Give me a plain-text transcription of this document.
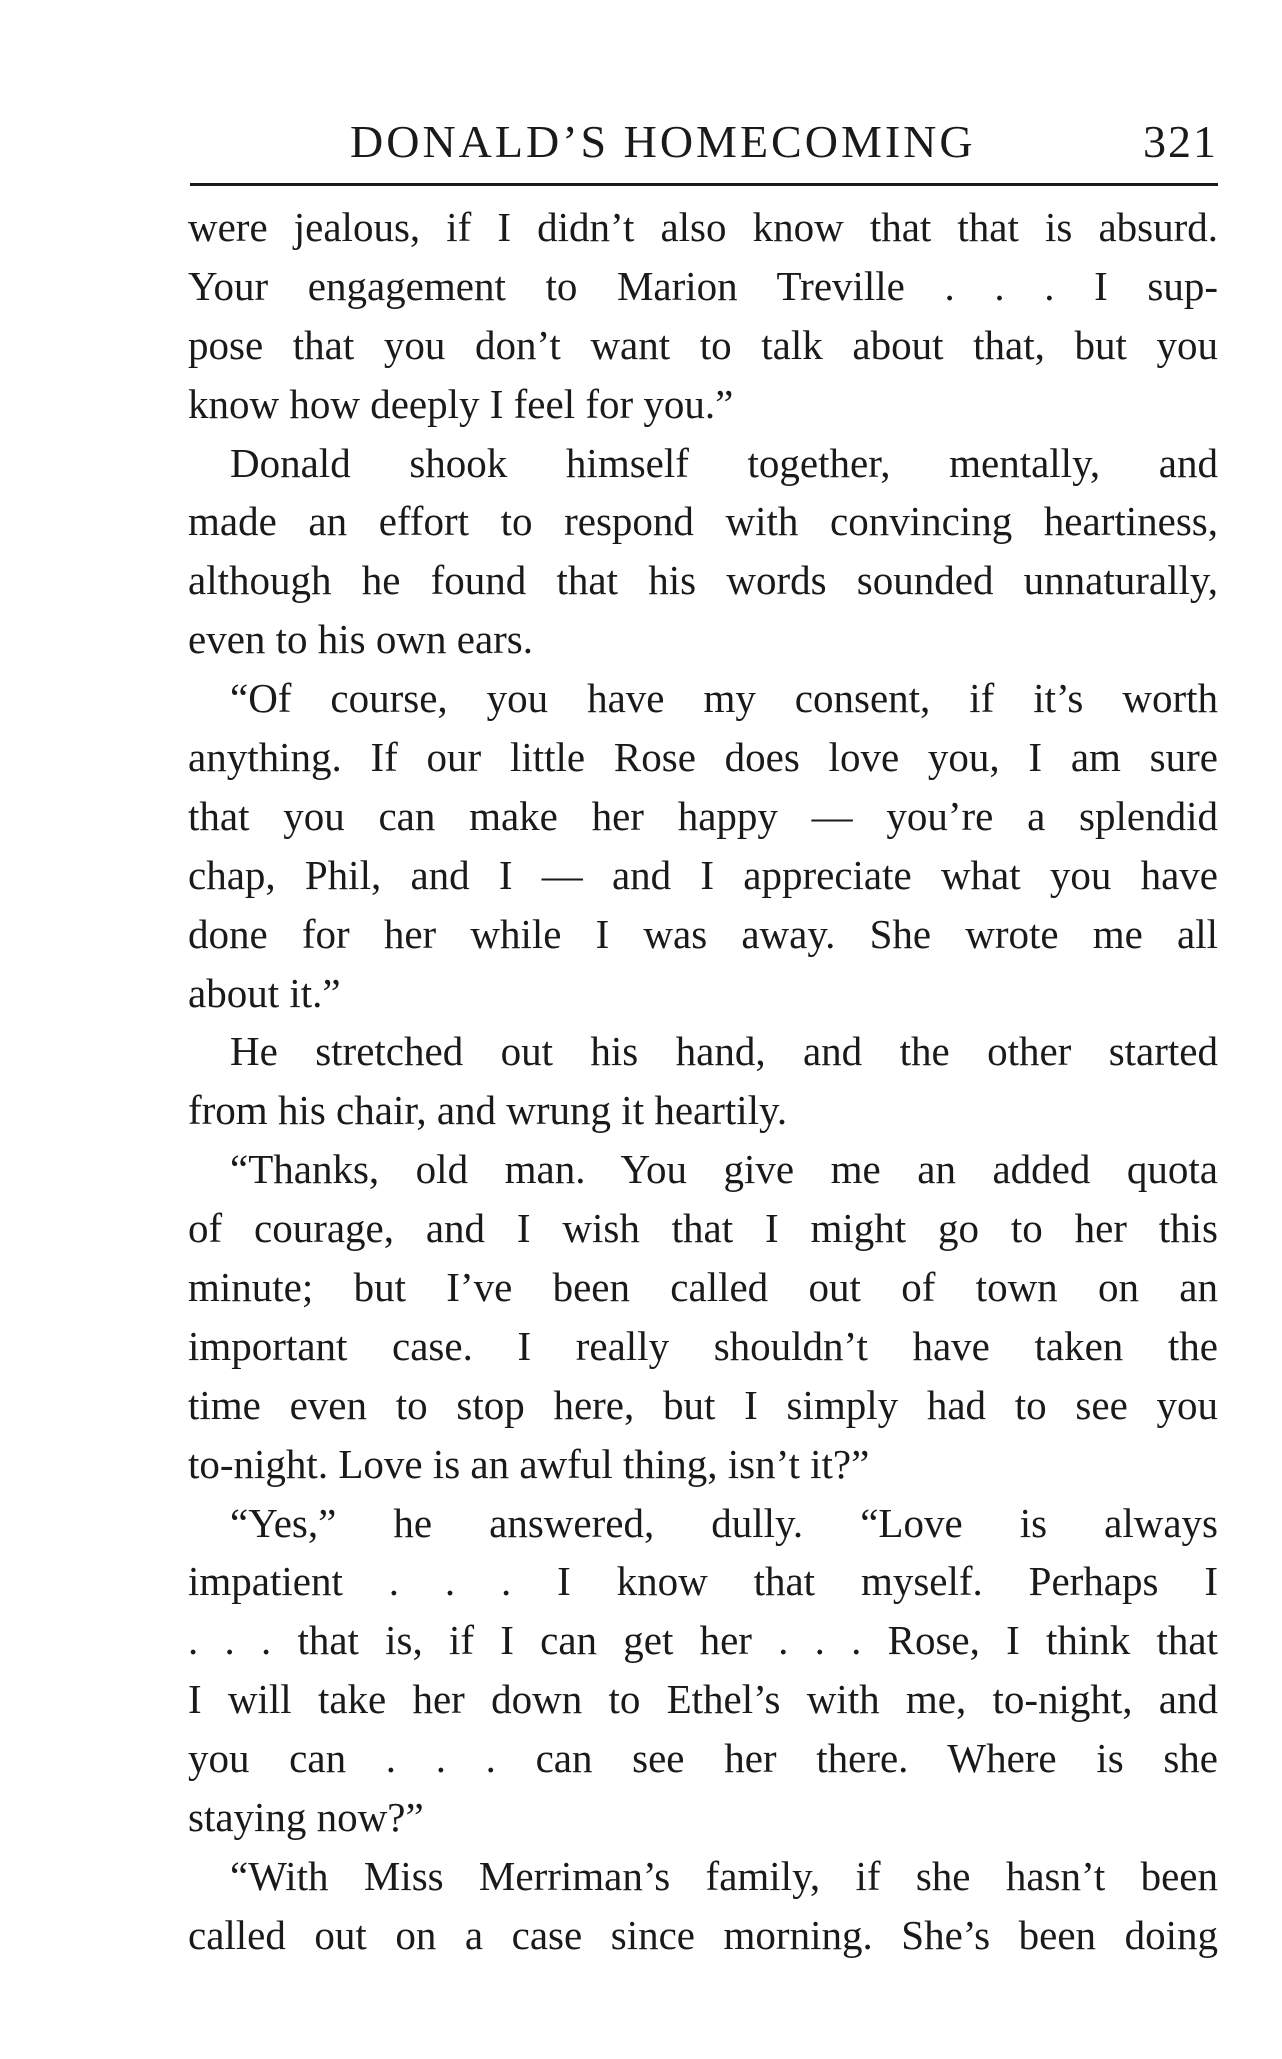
DONALD’S HOMECOMING	321
were jealous, if I didn’t also know that that is absurd.
Your engagement to Marion Treville . . . I sup-
pose that you don’t want to talk about that, but you
know how deeply I feel for you.”
Donald shook himself together, mentally, and
made an effort to respond with convincing heartiness,
although he found that his words sounded unnaturally,
even to his own ears.
“Of course, you have my consent, if it’s worth
anything. If our little Rose does love you, I am sure
that you can make her happy — you’re a splendid
chap, Phil, and I — and I appreciate what you have
done for her while I was away. She wrote me all
about it.”
He stretched out his hand, and the other started
from his chair, and wrung it heartily.
“Thanks, old man. You give me an added quota
of courage, and I wish that I might go to her this
minute; but I’ve been called out of town on an
important case. I really shouldn’t have taken the
time even to stop here, but I simply had to see you
to-night. Love is an awful thing, isn’t it?”
“Yes,” he answered, dully. “Love is always
impatient . . . I know that myself. Perhaps I
. . . that is, if I can get her . . . Rose, I think that
I will take her down to Ethel’s with me, to-night, and
you can . . . can see her there. Where is she
staying now?”
“With Miss Merriman’s family, if she hasn’t been
called out on a case since morning. She’s been doing
